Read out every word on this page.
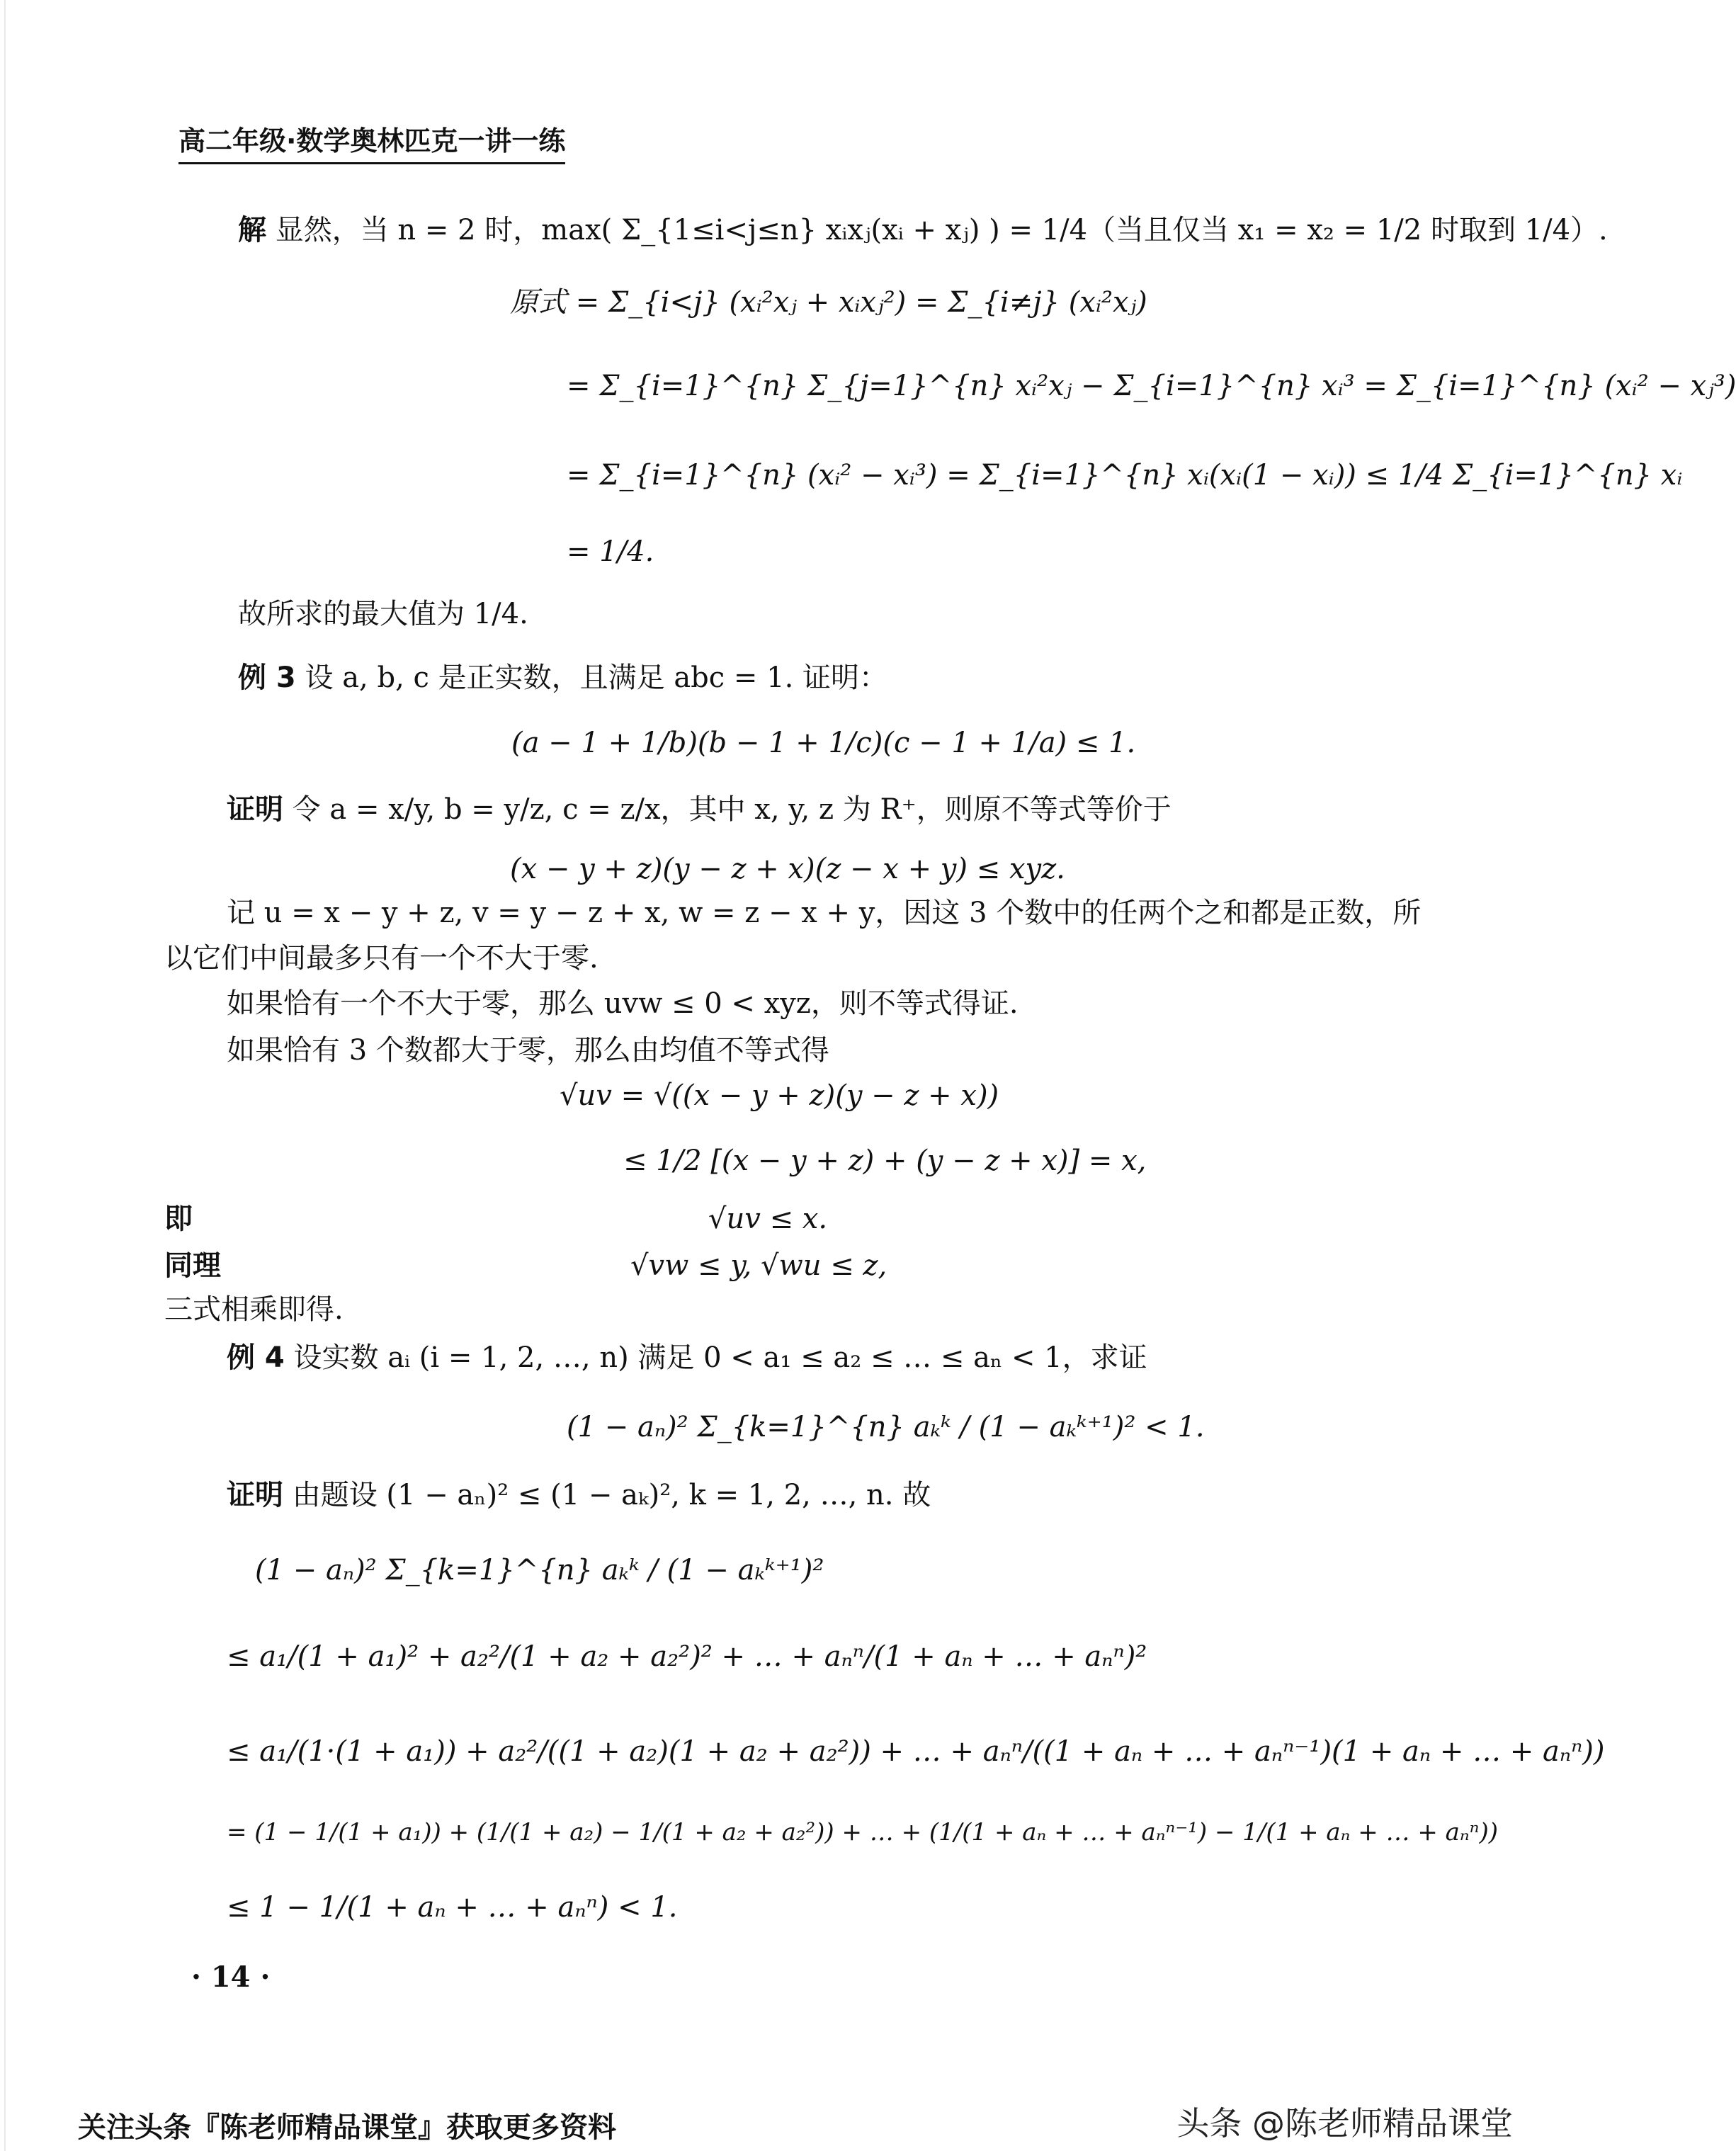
高二年级·数学奥林匹克一讲一练
解 显然，当 n = 2 时，max( Σ_{1≤i<j≤n} xᵢxⱼ(xᵢ + xⱼ) ) = 1/4（当且仅当 x₁ = x₂ = 1/2 时取到 1/4）.
原式 = Σ_{i<j} (xᵢ²xⱼ + xᵢxⱼ²) = Σ_{i≠j} (xᵢ²xⱼ)
= Σ_{i=1}^{n} Σ_{j=1}^{n} xᵢ²xⱼ − Σ_{i=1}^{n} xᵢ³ = Σ_{i=1}^{n} (xᵢ² − xⱼ³)
= Σ_{i=1}^{n} (xᵢ² − xᵢ³) = Σ_{i=1}^{n} xᵢ(xᵢ(1 − xᵢ)) ≤ 1/4 Σ_{i=1}^{n} xᵢ
= 1/4.
故所求的最大值为 1/4.
例 3 设 a, b, c 是正实数，且满足 abc = 1. 证明：
(a − 1 + 1/b)(b − 1 + 1/c)(c − 1 + 1/a) ≤ 1.
证明 令 a = x/y, b = y/z, c = z/x，其中 x, y, z 为 R⁺，则原不等式等价于
(x − y + z)(y − z + x)(z − x + y) ≤ xyz.
记 u = x − y + z, v = y − z + x, w = z − x + y，因这 3 个数中的任两个之和都是正数，所
以它们中间最多只有一个不大于零.
如果恰有一个不大于零，那么 uvw ≤ 0 < xyz，则不等式得证.
如果恰有 3 个数都大于零，那么由均值不等式得
√uv = √((x − y + z)(y − z + x))
≤ 1/2 [(x − y + z) + (y − z + x)] = x,
即	√uv ≤ x.
同理	√vw ≤ y, √wu ≤ z,
三式相乘即得.
例 4 设实数 aᵢ (i = 1, 2, …, n) 满足 0 < a₁ ≤ a₂ ≤ … ≤ aₙ < 1，求证
(1 − aₙ)² Σ_{k=1}^{n} aₖᵏ / (1 − aₖᵏ⁺¹)² < 1.
证明 由题设 (1 − aₙ)² ≤ (1 − aₖ)², k = 1, 2, …, n. 故
(1 − aₙ)² Σ_{k=1}^{n} aₖᵏ / (1 − aₖᵏ⁺¹)²
≤ a₁/(1 + a₁)² + a₂²/(1 + a₂ + a₂²)² + … + aₙⁿ/(1 + aₙ + … + aₙⁿ)²
≤ a₁/(1·(1 + a₁)) + a₂²/((1 + a₂)(1 + a₂ + a₂²)) + … + aₙⁿ/((1 + aₙ + … + aₙⁿ⁻¹)(1 + aₙ + … + aₙⁿ))
= (1 − 1/(1 + a₁)) + (1/(1 + a₂) − 1/(1 + a₂ + a₂²)) + … + (1/(1 + aₙ + … + aₙⁿ⁻¹) − 1/(1 + aₙ + … + aₙⁿ))
≤ 1 − 1/(1 + aₙ + … + aₙⁿ) < 1.
· 14 ·
关注头条『陈老师精品课堂』获取更多资料	头条 @陈老师精品课堂
